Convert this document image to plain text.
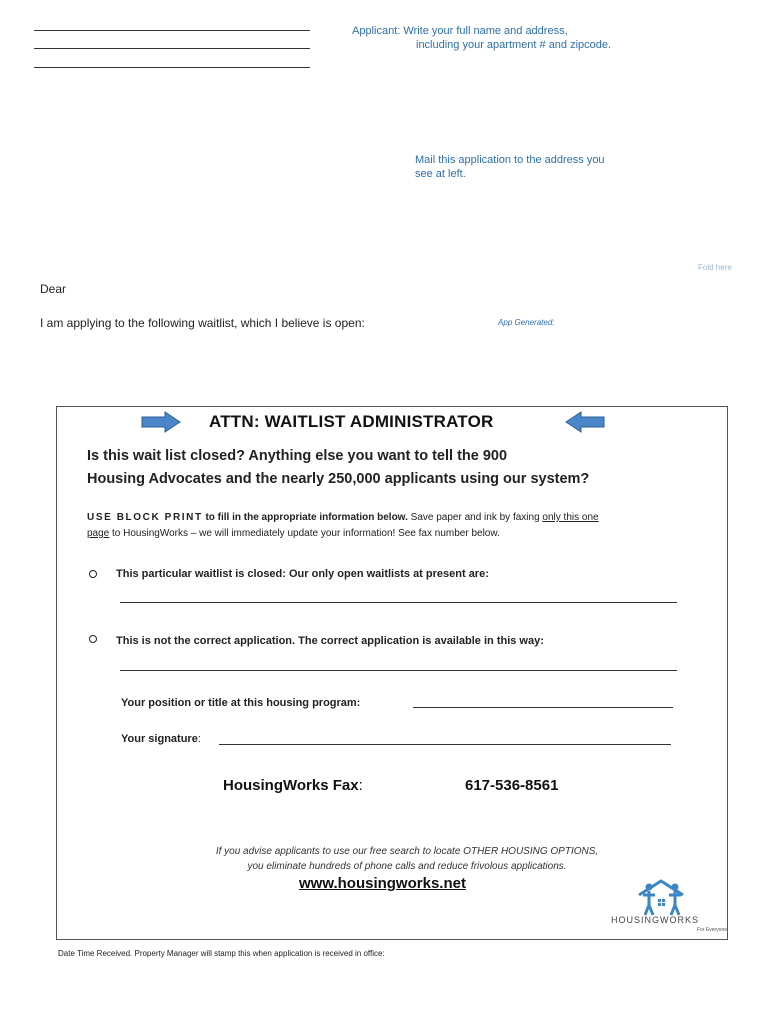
Applicant: Write your full name and address,
including your apartment # and zipcode.
Mail this application to the address you
see at left.
Fold here
Dear
I am applying to the following waitlist, which I believe is open:	App Generated:
ATTN: WAITLIST ADMINISTRATOR
Is this wait list closed? Anything else you want to tell the 900
Housing Advocates and the nearly 250,000 applicants using our system?
USE BLOCK PRINT to fill in the appropriate information below. Save paper and ink by faxing only this one
page to HousingWorks – we will immediately update your information! See fax number below.
This particular waitlist is closed: Our only open waitlists at present are:
This is not the correct application. The correct application is available in this way:
Your position or title at this housing program:
Your signature:
HousingWorks Fax:	617-536-8561
If you advise applicants to use our free search to locate OTHER HOUSING OPTIONS,
you eliminate hundreds of phone calls and reduce frivolous applications.
www.housingworks.net
HOUSINGWORKS
For Everyone
Date Time Received. Property Manager will stamp this when application is received in office:
